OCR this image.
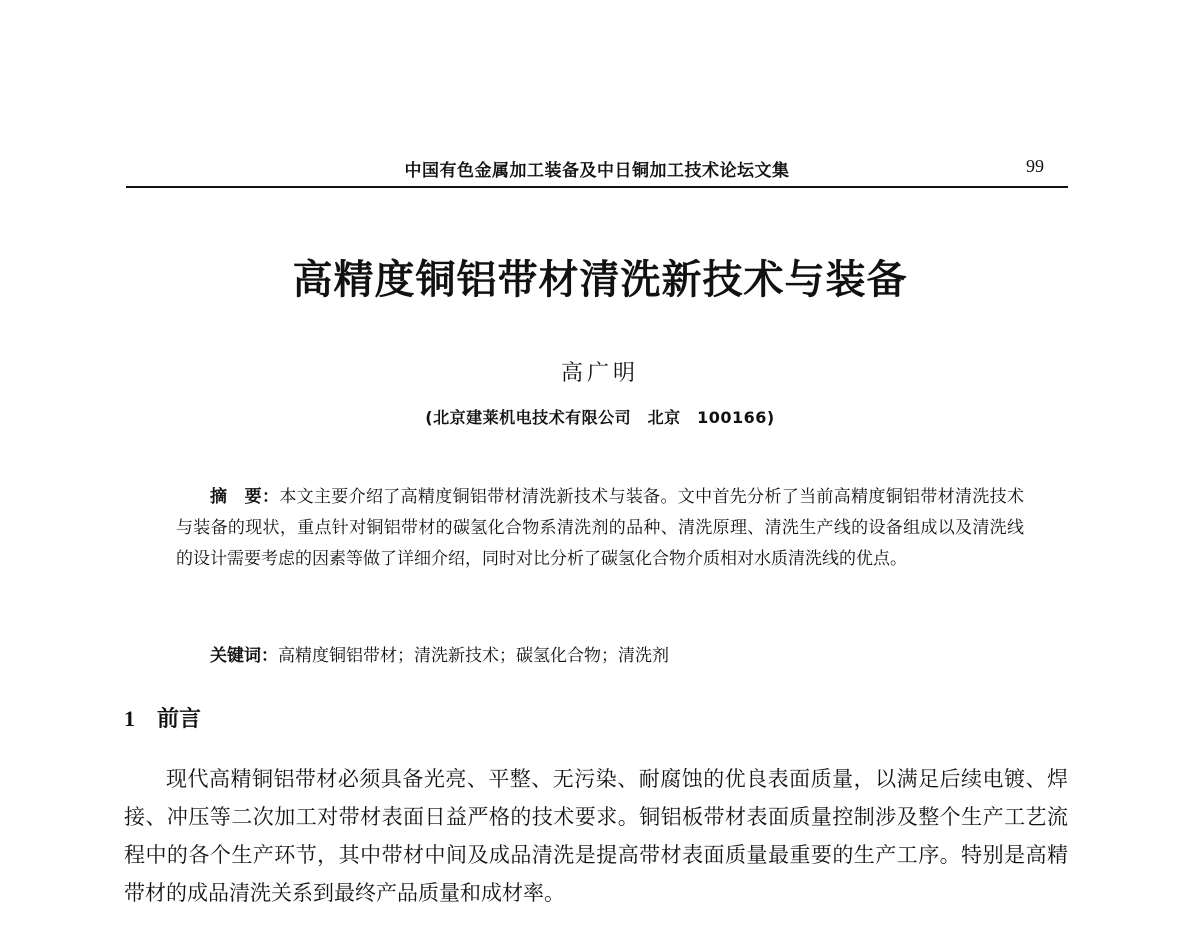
中国有色金属加工装备及中日铜加工技术论坛文集	99
高精度铜铝带材清洗新技术与装备
高广明
(北京建莱机电技术有限公司　北京　100166)

摘　要：本文主要介绍了高精度铜铝带材清洗新技术与装备。文中首先分析了当前高精度铜铝带材清洗技术与装备的现状，重点针对铜铝带材的碳氢化合物系清洗剂的品种、清洗原理、清洗生产线的设备组成以及清洗线的设计需要考虑的因素等做了详细介绍，同时对比分析了碳氢化合物介质相对水质清洗线的优点。

关键词：高精度铜铝带材；清洗新技术；碳氢化合物；清洗剂
1 前言

现代高精铜铝带材必须具备光亮、平整、无污染、耐腐蚀的优良表面质量，以满足后续电镀、焊接、冲压等二次加工对带材表面日益严格的技术要求。铜铝板带材表面质量控制涉及整个生产工艺流程中的各个生产环节，其中带材中间及成品清洗是提高带材表面质量最重要的生产工序。特别是高精带材的成品清洗关系到最终产品质量和成材率。
